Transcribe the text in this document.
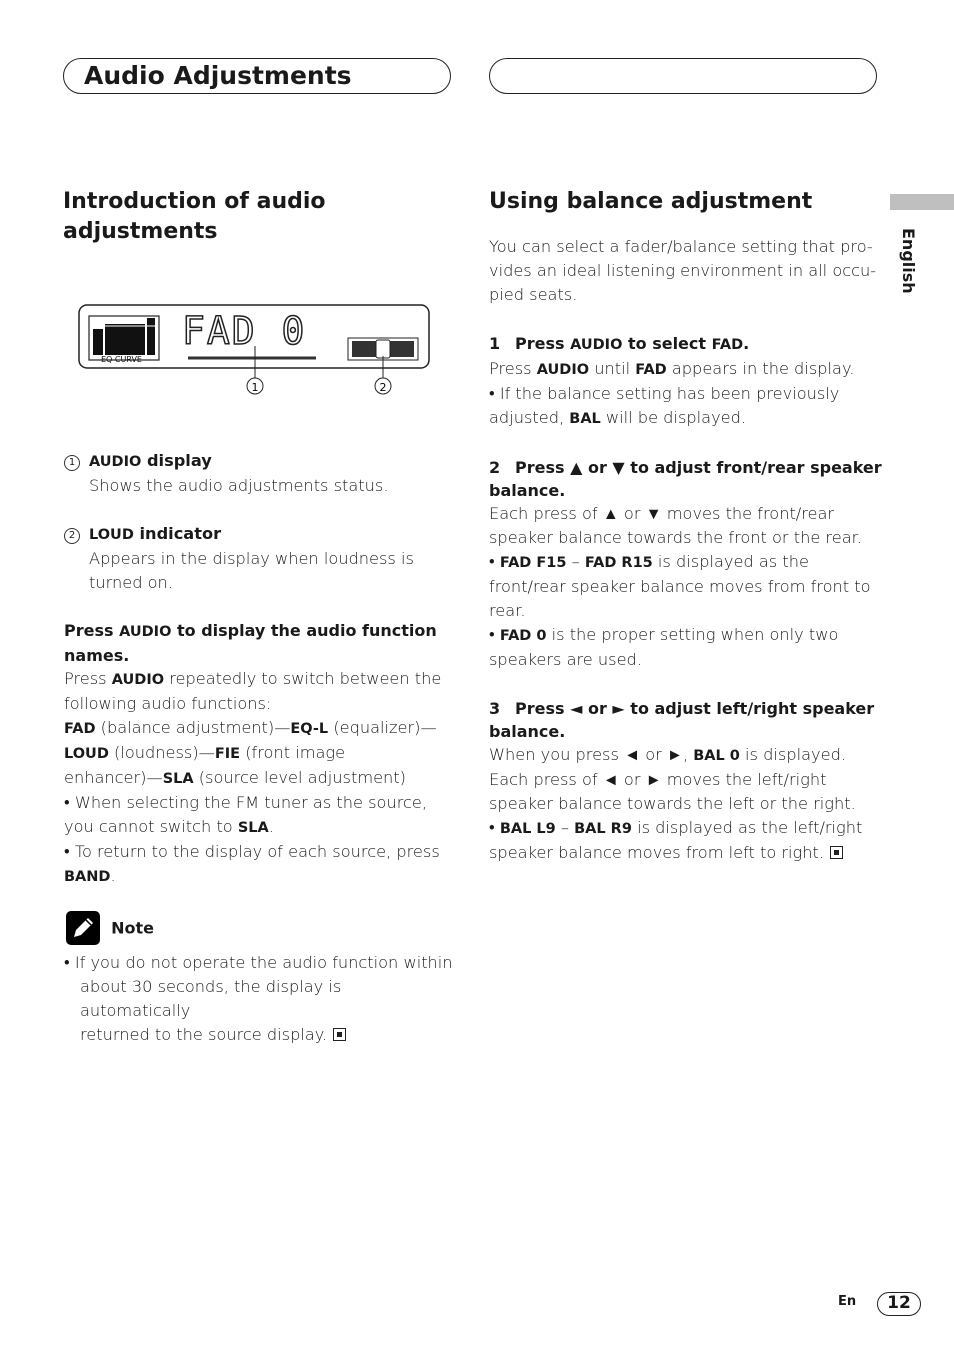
Audio Adjustments
English
Introduction of audio
adjustments
EQ CURVE
FAD 0
1	2

1 AUDIO display

Shows the audio adjustments status.

2 LOUD indicator

Appears in the display when loudness is

turned on.

Press AUDIO to display the audio function

names.

Press AUDIO repeatedly to switch between the

following audio functions:

FAD (balance adjustment)—EQ-L (equalizer)—

LOUD (loudness)—FIE (front image

enhancer)—SLA (source level adjustment)

• When selecting the FM tuner as the source,

you cannot switch to SLA.

• To return to the display of each source, press

BAND.

Note

• If you do not operate the audio function within

about 30 seconds, the display is automatically

returned to the source display.

Using balance adjustment

You can select a fader/balance setting that pro-

vides an ideal listening environment in all occu-

pied seats.

1 Press AUDIO to select FAD.

Press AUDIO until FAD appears in the display.

• If the balance setting has been previously

adjusted, BAL will be displayed.

2 Press ▲ or ▼ to adjust front/rear speaker

balance.

Each press of ▲ or ▼ moves the front/rear

speaker balance towards the front or the rear.

• FAD F15 – FAD R15 is displayed as the

front/rear speaker balance moves from front to

rear.

• FAD 0 is the proper setting when only two

speakers are used.

3 Press ◄ or ► to adjust left/right speaker

balance.

When you press ◄ or ►, BAL 0 is displayed.

Each press of ◄ or ► moves the left/right

speaker balance towards the left or the right.

• BAL L9 – BAL R9 is displayed as the left/right

speaker balance moves from left to right.

En	12
